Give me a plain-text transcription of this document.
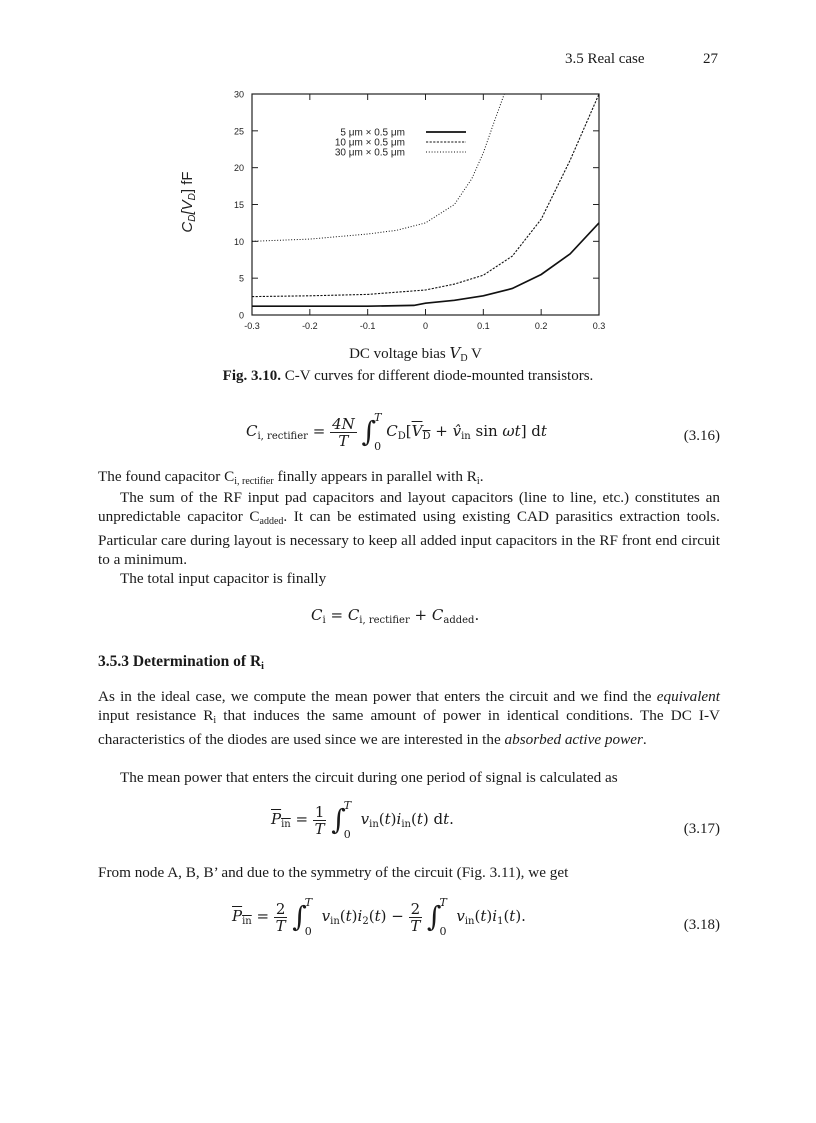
3.5 Real case	27
$C_D[V_D]$ fF
30
25
20
15
10
5
0
-0.3	-0.2	-0.1	0	0.1	0.2	0.3
5 μm × 0.5 μm
10 μm × 0.5 μm
30 μm × 0.5 μm
DC voltage bias $V_D$ V
Fig. 3.10. C-V curves for different diode-mounted transistors.
$C_{i, rectifier} = \frac{4N}{T}$ ∫
T
0
$C_D[V_D$ + $v̂_{in}$ sin ωt] dt	(3.16)
The found capacitor $C_{i, rectifier}$ finally appears in parallel with $R_i$.
The sum of the RF input pad capacitors and layout capacitors (line to line, etc.) constitutes an unpredictable capacitor $C_{added}$. It can be estimated using existing CAD parasitics extraction tools. Particular care during layout is necessary to keep all added input capacitors in the RF front end circuit to a minimum.
The total input capacitor is finally
$C_i = C_{i, rectifier} + C_{added}$.
3.5.3 Determination of $R_i$
As in the ideal case, we compute the mean power that enters the circuit and we find the equivalent input resistance $R_i$ that induces the same amount of power in identical conditions. The DC I-V characteristics of the diodes are used since we are interested in the absorbed active power.
The mean power that enters the circuit during one period of signal is calculated as
$P_{in} = \frac{1}{T}$ ∫
T
0
$v_{in}(t)i_{in}(t)$ dt.
(3.17)
From node A, B, B’ and due to the symmetry of the circuit (Fig. 3.11), we get
$P_{in} = \frac{2}{T}$ ∫
T
0
$v_{in}(t)i_2(t) - \frac{2}{T}$ ∫
T
0
$v_{in}(t)i_1(t)$.	(3.18)
